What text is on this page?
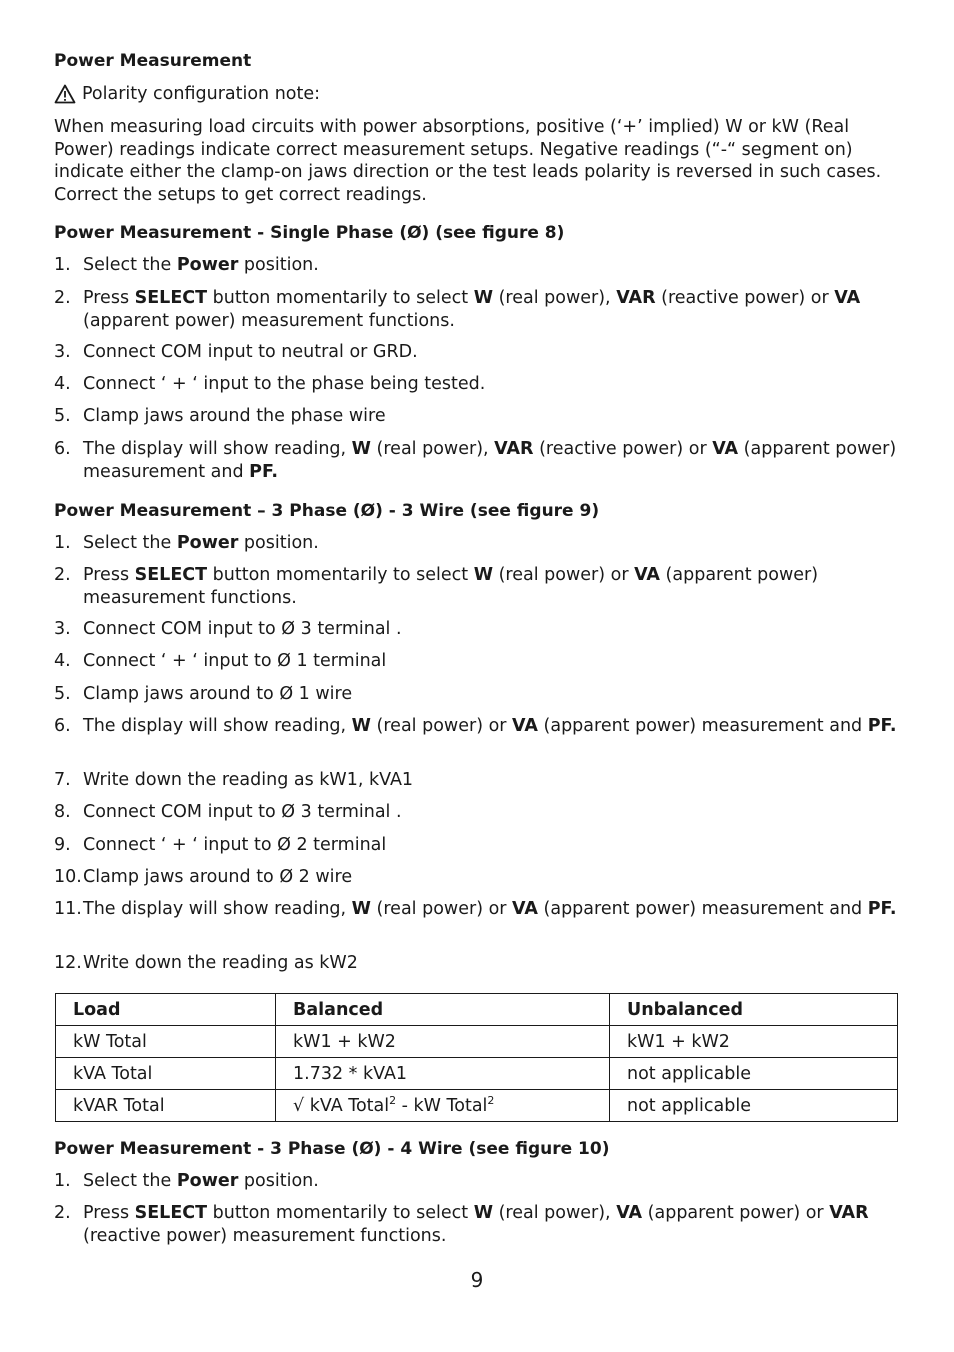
Power Measurement
Polarity configuration note:
When measuring load circuits with power absorptions, positive (‘+’ implied) W or kW (Real Power) readings indicate correct measurement setups. Negative readings (“-“ segment on) indicate either the clamp-on jaws direction or the test leads polarity is reversed in such cases. Correct the setups to get correct readings.
Power Measurement - Single Phase (Ø) (see figure 8)
1. Select the Power position.
2. Press SELECT button momentarily to select W (real power), VAR (reactive power) or VA (apparent power) measurement functions.
3. Connect COM input to neutral or GRD.
4. Connect ‘ + ‘ input to the phase being tested.
5. Clamp jaws around the phase wire
6. The display will show reading, W (real power), VAR (reactive power) or VA (apparent power) measurement and PF.
Power Measurement – 3 Phase (Ø) - 3 Wire (see figure 9)
1. Select the Power position.
2. Press SELECT button momentarily to select W (real power) or VA (apparent power) measurement functions.
3. Connect COM input to Ø 3 terminal .
4. Connect ‘ + ‘ input to Ø 1 terminal
5. Clamp jaws around to Ø 1 wire
6. The display will show reading, W (real power) or VA (apparent power) measurement and PF.
7. Write down the reading as kW1, kVA1
8. Connect COM input to Ø 3 terminal .
9. Connect ‘ + ‘ input to Ø 2 terminal
10. Clamp jaws around to Ø 2 wire
11. The display will show reading, W (real power) or VA (apparent power) measurement and PF.
12. Write down the reading as kW2
Load	Balanced	Unbalanced
kW Total	kW1 + kW2	kW1 + kW2
kVA Total	1.732 * kVA1	not applicable
kVAR Total	√ kVA Total$^2$ - kW Total$^2$	not applicable
Power Measurement - 3 Phase (Ø) - 4 Wire (see figure 10)
1. Select the Power position.
2. Press SELECT button momentarily to select W (real power), VA (apparent power) or VAR (reactive power) measurement functions.
9
